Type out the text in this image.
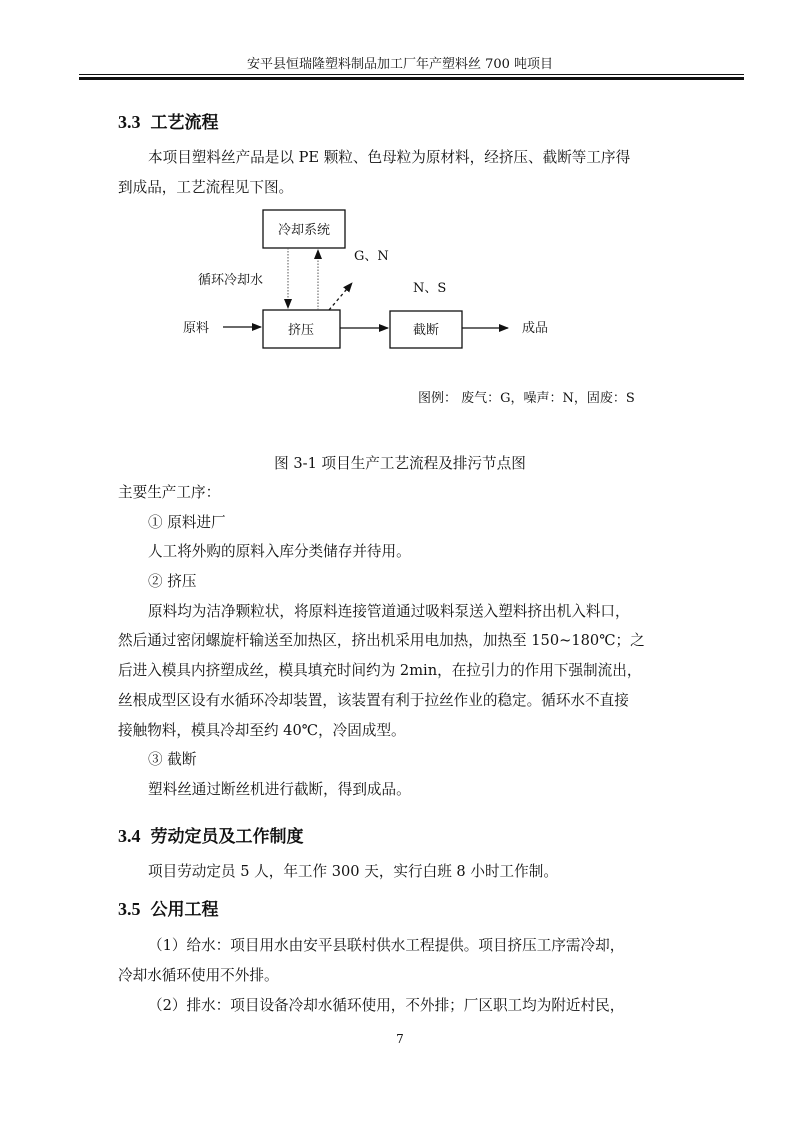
安平县恒瑞隆塑料制品加工厂年产塑料丝 700 吨项目
3.3 工艺流程
本项目塑料丝产品是以 PE 颗粒、色母粒为原材料，经挤压、截断等工序得
到成品，工艺流程见下图。
冷却系统
挤压	截断
原料	成品
循环冷却水
G、N
N、S
图例： 废气：G，噪声：N，固废：S
图 3-1 项目生产工艺流程及排污节点图
主要生产工序：
① 原料进厂
人工将外购的原料入库分类储存并待用。
② 挤压
原料均为洁净颗粒状，将原料连接管道通过吸料泵送入塑料挤出机入料口，
然后通过密闭螺旋杆输送至加热区，挤出机采用电加热，加热至 150~180℃；之
后进入模具内挤塑成丝，模具填充时间约为 2min，在拉引力的作用下强制流出，
丝根成型区设有水循环冷却装置，该装置有利于拉丝作业的稳定。循环水不直接
接触物料，模具冷却至约 40℃，冷固成型。
③ 截断
塑料丝通过断丝机进行截断，得到成品。
3.4 劳动定员及工作制度
项目劳动定员 5 人，年工作 300 天，实行白班 8 小时工作制。
3.5 公用工程
（1）给水：项目用水由安平县联村供水工程提供。项目挤压工序需冷却，
冷却水循环使用不外排。
（2）排水：项目设备冷却水循环使用，不外排；厂区职工均为附近村民，
7
